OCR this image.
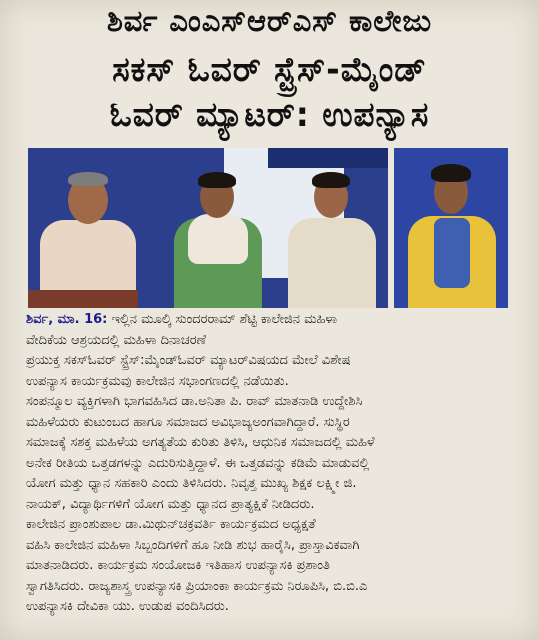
ಶಿರ್ವ ಎಂಎಸ್‌ಆರ್‌ಎಸ್ ಕಾಲೇಜು
ಸಕಸ್ ಓವರ್ ಸ್ಟ್ರೆಸ್-ಮೈಂಡ್
ಓವರ್ ಮ್ಯಾಟರ್: ಉಪನ್ಯಾಸ
ಶಿರ್ವ, ಮಾ. 16: ಇಲ್ಲಿನ ಮೂಲ್ಕಿ ಸುಂದರರಾಮ್ ಶೆಟ್ಟಿ ಕಾಲೇಜಿನ ಮಹಿಳಾ
ವೇದಿಕೆಯ ಆಶ್ರಯದಲ್ಲಿ ಮಹಿಳಾ ದಿನಾಚರಣೆ
ಪ್ರಯುಕ್ತ ಸಕಸ್‌ಓವರ್ ಸ್ಟ್ರೆಸ್:ಮೈಂಡ್‌ಓವರ್ ಮ್ಯಾಟರ್‌ವಿಷಯದ ಮೇಲೆ ವಿಶೇಷ
ಉಪನ್ಯಾಸ ಕಾರ್ಯಕ್ರಮವು ಕಾಲೇಜಿನ ಸಭಾಂಗಣದಲ್ಲಿ ನಡೆಯಿತು.
ಸಂಪನ್ಮೂಲ ವ್ಯಕ್ತಿಗಳಾಗಿ ಭಾಗವಹಿಸಿದ ಡಾ.ಅನಿತಾ ಪಿ. ರಾವ್ ಮಾತನಾಡಿ ಉದ್ದೇಶಿಸಿ
ಮಹಿಳೆಯರು ಕುಟುಂಬದ ಹಾಗೂ ಸಮಾಜದ ಅವಿಭಾಜ್ಯಅಂಗವಾಗಿದ್ದಾರೆ. ಸುಸ್ಥಿರ
ಸಮಾಜಕ್ಕೆ ಸಶಕ್ತ ಮಹಿಳೆಯ ಅಗತ್ಯತೆಯ ಕುರಿತು ತಿಳಿಸಿ, ಆಧುನಿಕ ಸಮಾಜದಲ್ಲಿ ಮಹಿಳೆ
ಅನೇಕ ರೀತಿಯ ಒತ್ತಡಗಳನ್ನು ಎದುರಿಸುತ್ತಿದ್ದಾಳೆ. ಈ ಒತ್ತಡವನ್ನು ಕಡಿಮೆ ಮಾಡುವಲ್ಲಿ
ಯೋಗ ಮತ್ತು ಧ್ಯಾನ ಸಹಕಾರಿ ಎಂದು ತಿಳಿಸಿದರು. ನಿವೃತ್ತ ಮುಖ್ಯ ಶಿಕ್ಷಕ ಲಕ್ಷ್ಮೀ ಜಿ.
ನಾಯಕ್, ವಿದ್ಯಾರ್ಥಿಗಳಿಗೆ ಯೋಗ ಮತ್ತು ಧ್ಯಾನದ ಪ್ರಾತ್ಯಕ್ಷಿಕೆ ನೀಡಿದರು.
ಕಾಲೇಜಿನ ಪ್ರಾಂಶುಪಾಲ ಡಾ.ಮಿಥುನ್‌ಚಕ್ರವರ್ತಿ ಕಾರ್ಯಕ್ರಮದ ಅಧ್ಯಕ್ಷತೆ
ವಹಿಸಿ ಕಾಲೇಜಿನ ಮಹಿಳಾ ಸಿಬ್ಬಂದಿಗಳಿಗೆ ಹೂ ನೀಡಿ ಶುಭ ಹಾರೈಸಿ, ಪ್ರಾಸ್ತಾವಿಕವಾಗಿ
ಮಾತನಾಡಿದರು. ಕಾರ್ಯಕ್ರಮ ಸಂಯೋಜಕಿ ಇತಿಹಾಸ ಉಪನ್ಯಾಸಕಿ ಪ್ರಶಾಂತಿ
ಸ್ವಾಗತಿಸಿದರು. ರಾಜ್ಯಶಾಸ್ತ್ರ ಉಪನ್ಯಾಸಕಿ ಪ್ರಿಯಾಂಕಾ ಕಾರ್ಯಕ್ರಮ ನಿರೂಪಿಸಿ, ಬಿ.ಬಿ.ಎ
ಉಪನ್ಯಾಸಕಿ ದೇವಿಕಾ ಯು. ಉಡುಪ ವಂದಿಸಿದರು.
